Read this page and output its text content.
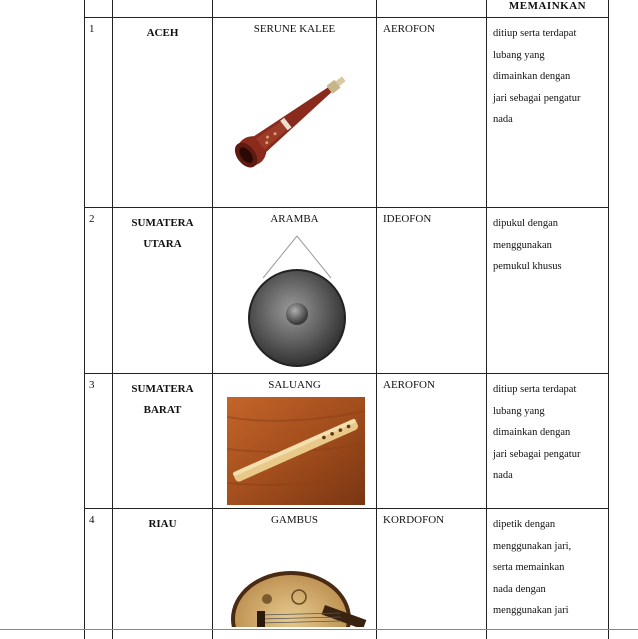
MEMAINKAN
1	ACEH	SERUNE KALEE	AEROFON	ditiup serta terdapat
lubang yang
dimainkan dengan
jari sebagai pengatur
nada
2	SUMATERA
UTARA
ARAMBA	IDEOFON	dipukul dengan
menggunakan
pemukul khusus
3	SUMATERA
BARAT
SALUANG	AEROFON	ditiup serta terdapat
lubang yang
dimainkan dengan
jari sebagai pengatur
nada
4	RIAU	GAMBUS	KORDOFON	dipetik dengan
menggunakan jari,
serta memainkan
nada dengan
menggunakan jari
